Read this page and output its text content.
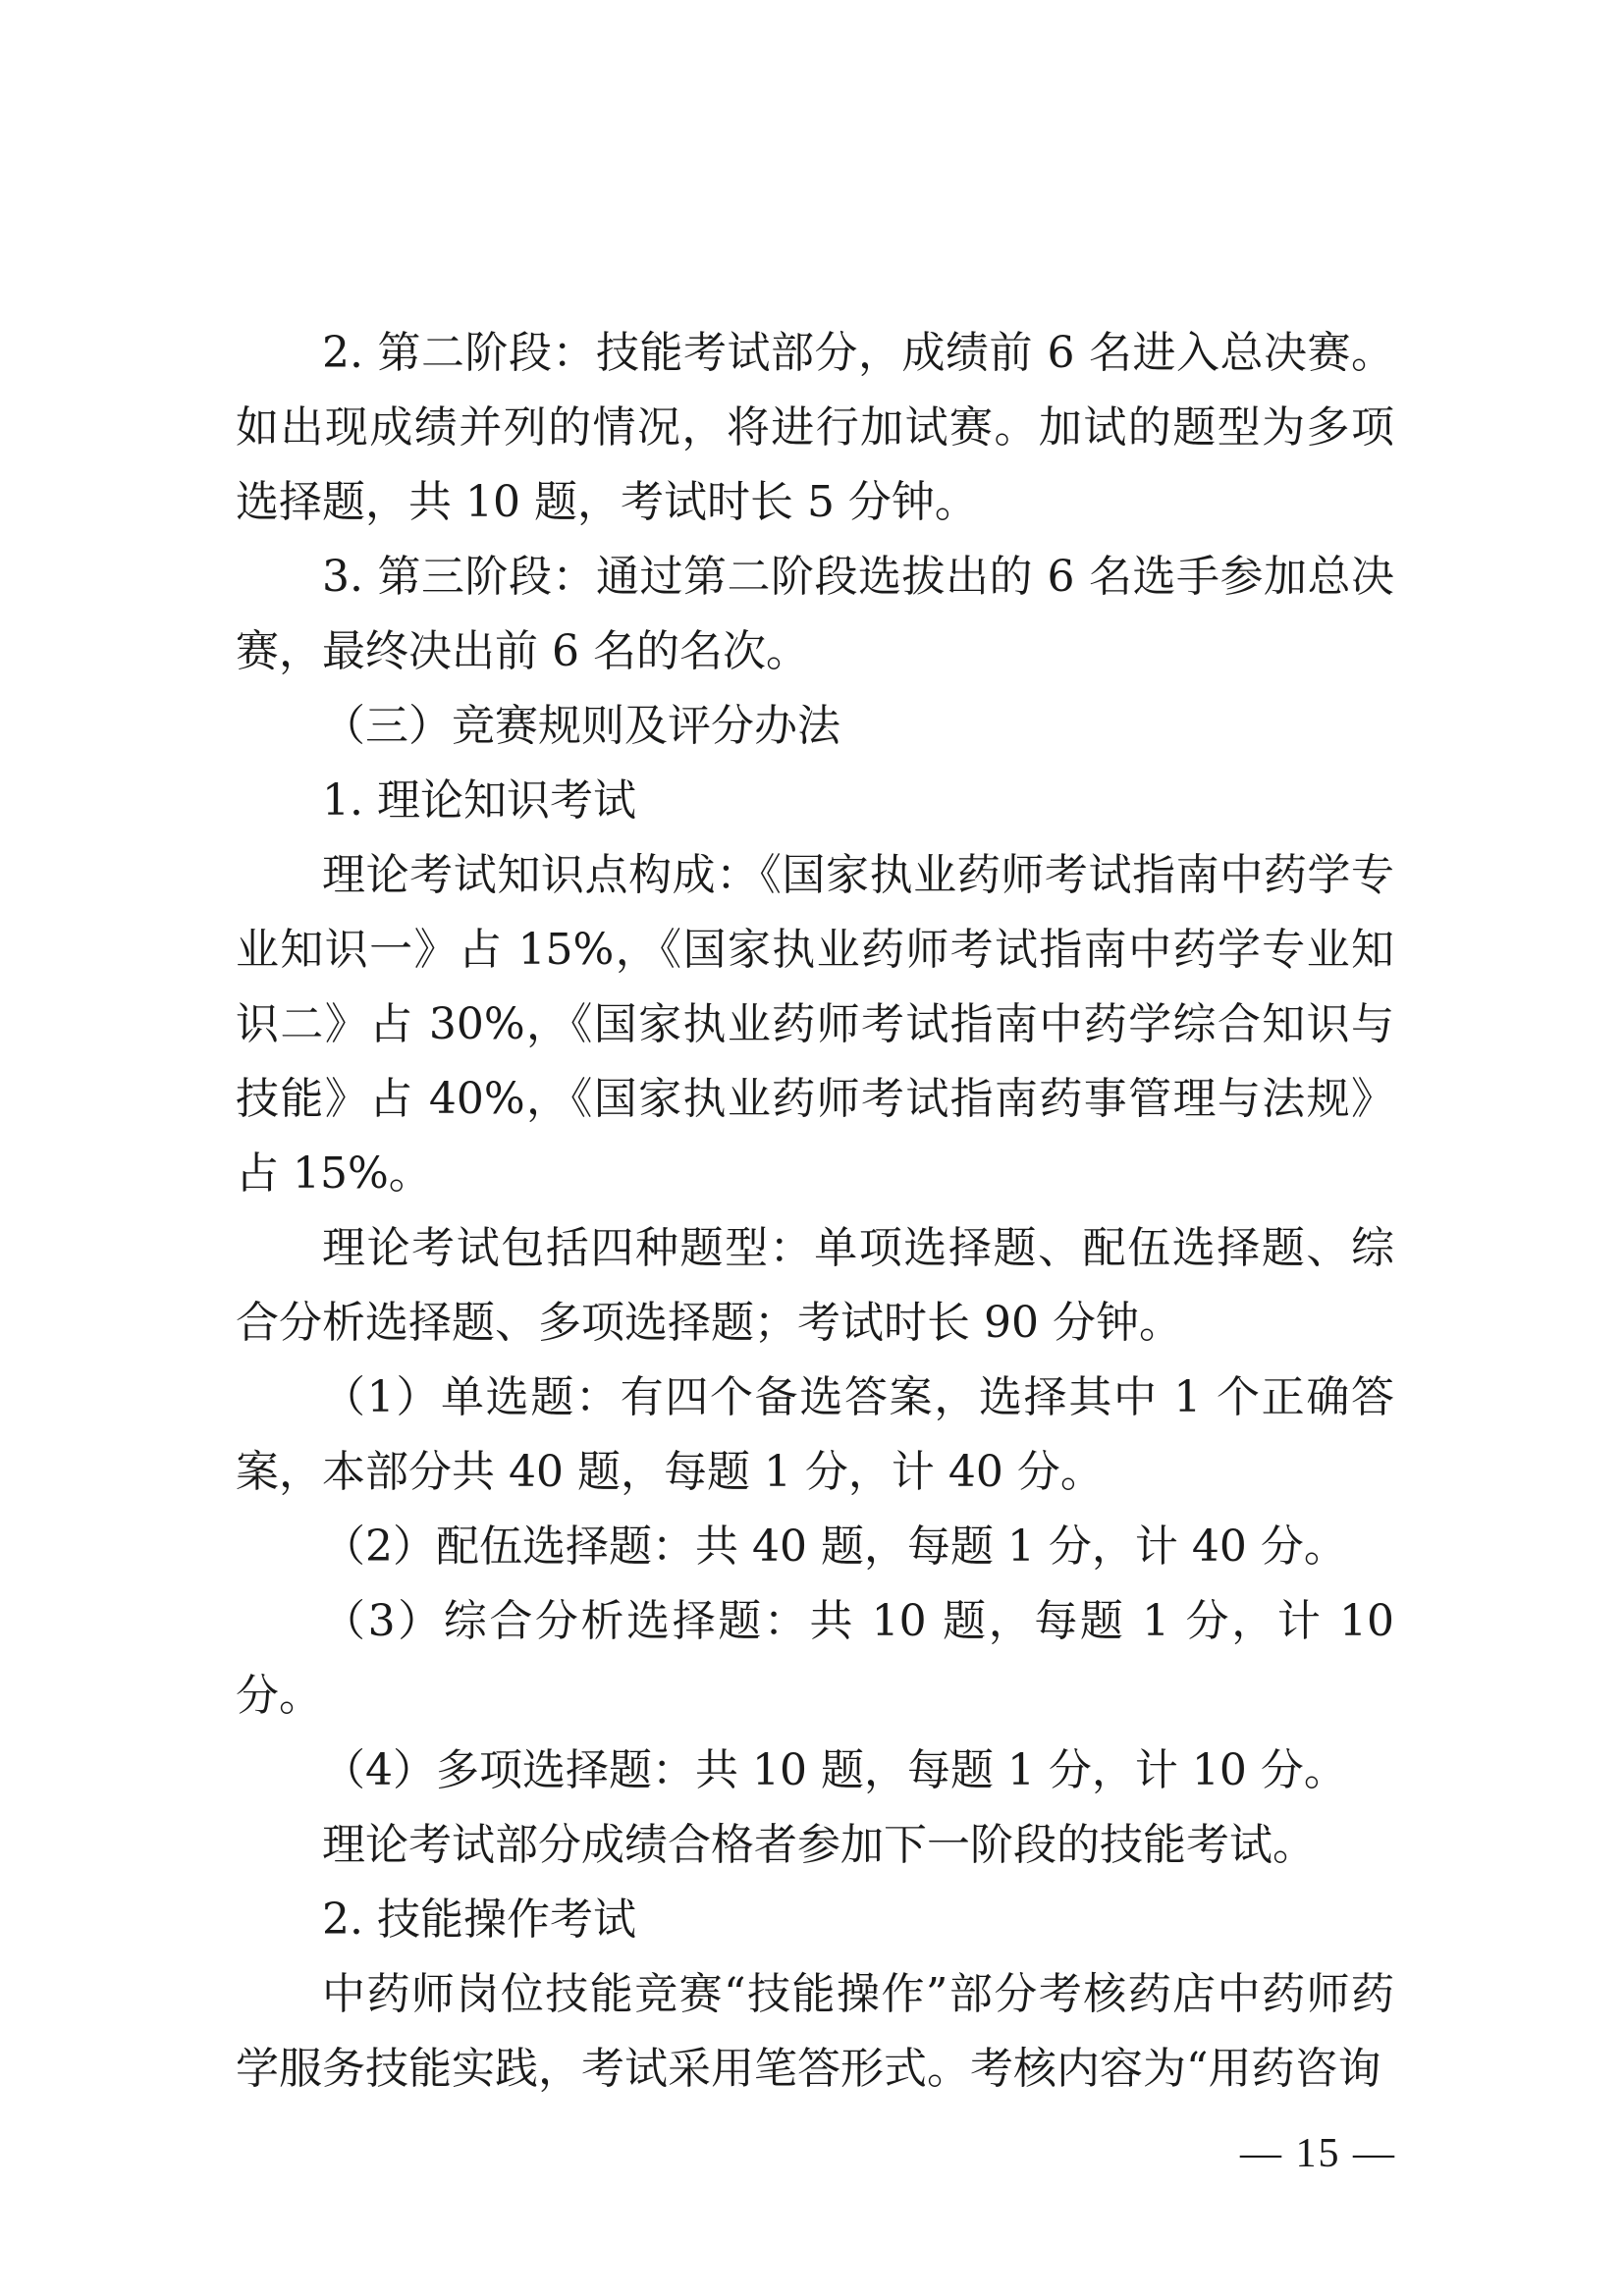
2. 第二阶段：技能考试部分，成绩前 6 名进入总决赛。如出现成绩并列的情况，将进行加试赛。加试的题型为多项选择题，共 10 题，考试时长 5 分钟。

3. 第三阶段：通过第二阶段选拔出的 6 名选手参加总决赛，最终决出前 6 名的名次。

（三）竞赛规则及评分办法

1. 理论知识考试

理论考试知识点构成：《国家执业药师考试指南中药学专业知识一》占 15%，《国家执业药师考试指南中药学专业知识二》占 30%，《国家执业药师考试指南中药学综合知识与技能》占 40%，《国家执业药师考试指南药事管理与法规》占 15%。

理论考试包括四种题型：单项选择题、配伍选择题、综合分析选择题、多项选择题；考试时长 90 分钟。

（1）单选题：有四个备选答案，选择其中 1 个正确答案，本部分共 40 题，每题 1 分，计 40 分。

（2）配伍选择题：共 40 题，每题 1 分，计 40 分。

（3）综合分析选择题：共 10 题，每题 1 分，计 10 分。

（4）多项选择题：共 10 题，每题 1 分，计 10 分。

理论考试部分成绩合格者参加下一阶段的技能考试。

2. 技能操作考试

中药师岗位技能竞赛“技能操作”部分考核药店中药师药学服务技能实践，考试采用笔答形式。考核内容为“用药咨询

— 15 —
